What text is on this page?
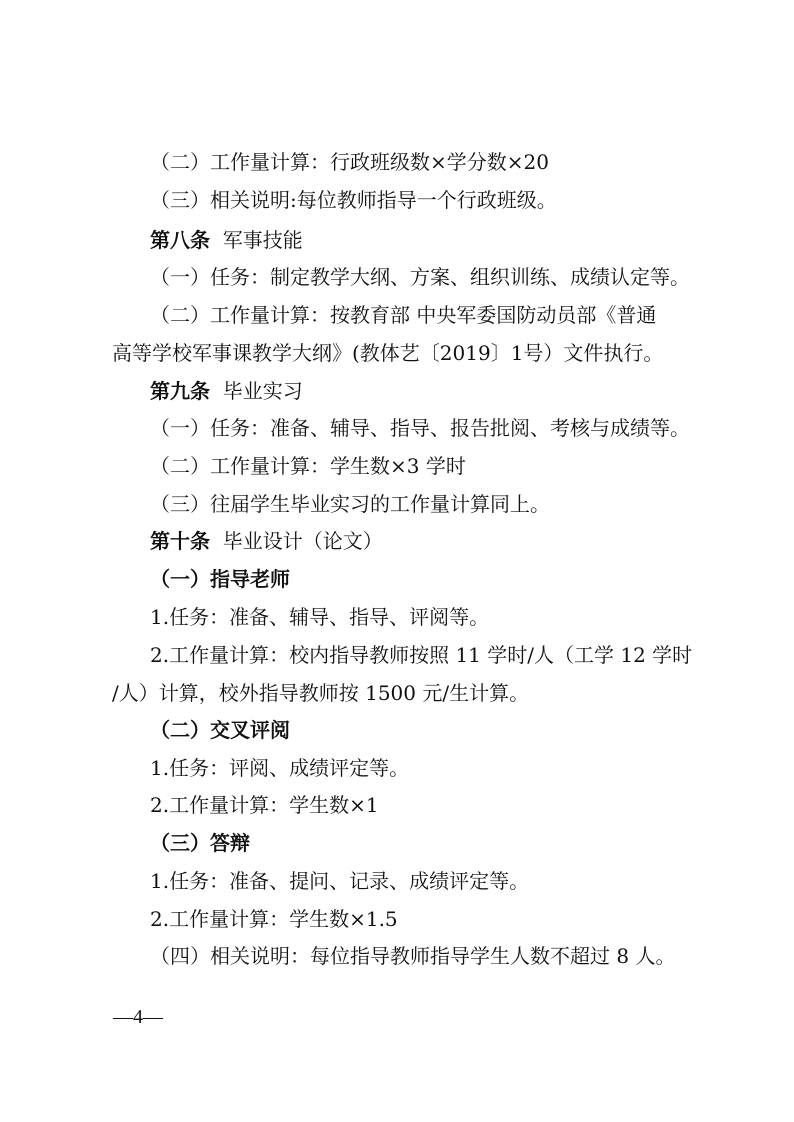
（二）工作量计算：行政班级数×学分数×20
（三）相关说明:每位教师指导一个行政班级。
第八条 军事技能
（一）任务：制定教学大纲、方案、组织训练、成绩认定等。
（二）工作量计算：按教育部 中央军委国防动员部《普通
高等学校军事课教学大纲》(教体艺〔2019〕1号）文件执行。
第九条 毕业实习
（一）任务：准备、辅导、指导、报告批阅、考核与成绩等。
（二）工作量计算：学生数×3 学时
（三）往届学生毕业实习的工作量计算同上。
第十条 毕业设计（论文）
（一）指导老师
1.任务：准备、辅导、指导、评阅等。
2.工作量计算：校内指导教师按照 11 学时/人（工学 12 学时
/人）计算，校外指导教师按 1500 元/生计算。
（二）交叉评阅
1.任务：评阅、成绩评定等。
2.工作量计算：学生数×1
（三）答辩
1.任务：准备、提问、记录、成绩评定等。
2.工作量计算：学生数×1.5
（四）相关说明：每位指导教师指导学生人数不超过 8 人。
—4—
